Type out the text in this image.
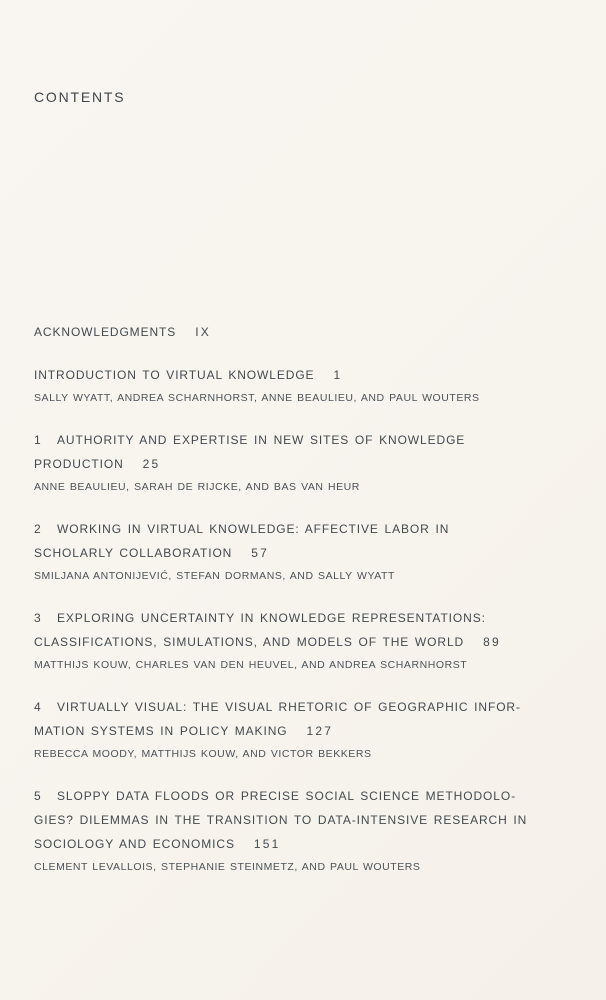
CONTENTS

ACKNOWLEDGMENTS IX

INTRODUCTION TO VIRTUAL KNOWLEDGE 1

SALLY WYATT, ANDREA SCHARNHORST, ANNE BEAULIEU, AND PAUL WOUTERS

1 AUTHORITY AND EXPERTISE IN NEW SITES OF KNOWLEDGE

PRODUCTION 25

ANNE BEAULIEU, SARAH DE RIJCKE, AND BAS VAN HEUR

2 WORKING IN VIRTUAL KNOWLEDGE: AFFECTIVE LABOR IN

SCHOLARLY COLLABORATION 57

SMILJANA ANTONIJEVIĆ, STEFAN DORMANS, AND SALLY WYATT

3 EXPLORING UNCERTAINTY IN KNOWLEDGE REPRESENTATIONS:

CLASSIFICATIONS, SIMULATIONS, AND MODELS OF THE WORLD 89

MATTHIJS KOUW, CHARLES VAN DEN HEUVEL, AND ANDREA SCHARNHORST

4 VIRTUALLY VISUAL: THE VISUAL RHETORIC OF GEOGRAPHIC INFOR-

MATION SYSTEMS IN POLICY MAKING 127

REBECCA MOODY, MATTHIJS KOUW, AND VICTOR BEKKERS

5 SLOPPY DATA FLOODS OR PRECISE SOCIAL SCIENCE METHODOLO-

GIES? DILEMMAS IN THE TRANSITION TO DATA-INTENSIVE RESEARCH IN

SOCIOLOGY AND ECONOMICS 151

CLEMENT LEVALLOIS, STEPHANIE STEINMETZ, AND PAUL WOUTERS
